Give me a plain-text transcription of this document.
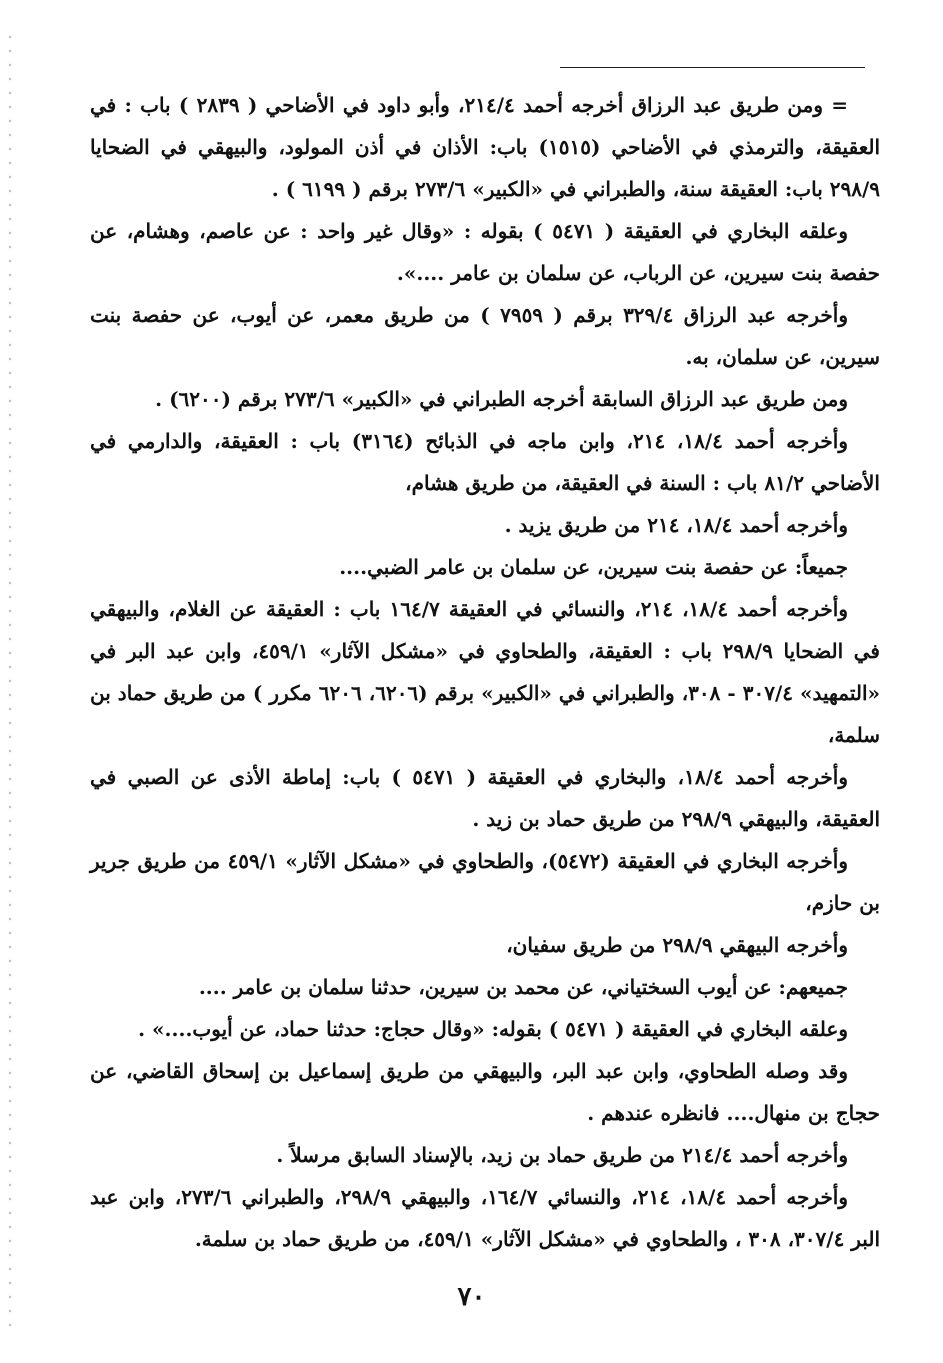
= ومن طريق عبد الرزاق أخرجه أحمد ٢١٤/٤، وأبو داود في الأضاحي ( ٢٨٣٩ ) باب : في العقيقة، والترمذي في الأضاحي (١٥١٥) باب: الأذان في أذن المولود، والبيهقي في الضحايا ٢٩٨/٩ باب: العقيقة سنة، والطبراني في «الكبير» ٢٧٣/٦ برقم ( ٦١٩٩ ) .

وعلقه البخاري في العقيقة ( ٥٤٧١ ) بقوله : «وقال غير واحد : عن عاصم، وهشام، عن حفصة بنت سيرين، عن الرباب، عن سلمان بن عامر ....».

وأخرجه عبد الرزاق ٣٢٩/٤ برقم ( ٧٩٥٩ ) من طريق معمر، عن أيوب، عن حفصة بنت سيرين، عن سلمان، به.

ومن طريق عبد الرزاق السابقة أخرجه الطبراني في «الكبير» ٢٧٣/٦ برقم (٦٢٠٠) .

وأخرجه أحمد ١٨/٤، ٢١٤، وابن ماجه في الذبائح (٣١٦٤) باب : العقيقة، والدارمي في الأضاحي ٨١/٢ باب : السنة في العقيقة، من طريق هشام،

وأخرجه أحمد ١٨/٤، ٢١٤ من طريق يزيد .

جميعاً: عن حفصة بنت سيرين، عن سلمان بن عامر الضبي....

وأخرجه أحمد ١٨/٤، ٢١٤، والنسائي في العقيقة ١٦٤/٧ باب : العقيقة عن الغلام، والبيهقي في الضحايا ٢٩٨/٩ باب : العقيقة، والطحاوي في «مشكل الآثار» ٤٥٩/١، وابن عبد البر في «التمهيد» ٣٠٧/٤ - ٣٠٨، والطبراني في «الكبير» برقم (٦٢٠٦، ٦٢٠٦ مكرر ) من طريق حماد بن سلمة،

وأخرجه أحمد ١٨/٤، والبخاري في العقيقة ( ٥٤٧١ ) باب: إماطة الأذى عن الصبي في العقيقة، والبيهقي ٢٩٨/٩ من طريق حماد بن زيد .

وأخرجه البخاري في العقيقة (٥٤٧٢)، والطحاوي في «مشكل الآثار» ٤٥٩/١ من طريق جرير بن حازم،

وأخرجه البيهقي ٢٩٨/٩ من طريق سفيان،

جميعهم: عن أيوب السختياني، عن محمد بن سيرين، حدثنا سلمان بن عامر ....

وعلقه البخاري في العقيقة ( ٥٤٧١ ) بقوله: «وقال حجاج: حدثنا حماد، عن أيوب....» .

وقد وصله الطحاوي، وابن عبد البر، والبيهقي من طريق إسماعيل بن إسحاق القاضي، عن حجاج بن منهال.... فانظره عندهم .

وأخرجه أحمد ٢١٤/٤ من طريق حماد بن زيد، بالإسناد السابق مرسلاً .

وأخرجه أحمد ١٨/٤، ٢١٤، والنسائي ١٦٤/٧، والبيهقي ٢٩٨/٩، والطبراني ٢٧٣/٦، وابن عبد البر ٣٠٧/٤، ٣٠٨ ، والطحاوي في «مشكل الآثار» ٤٥٩/١، من طريق حماد بن سلمة.

٧٠
